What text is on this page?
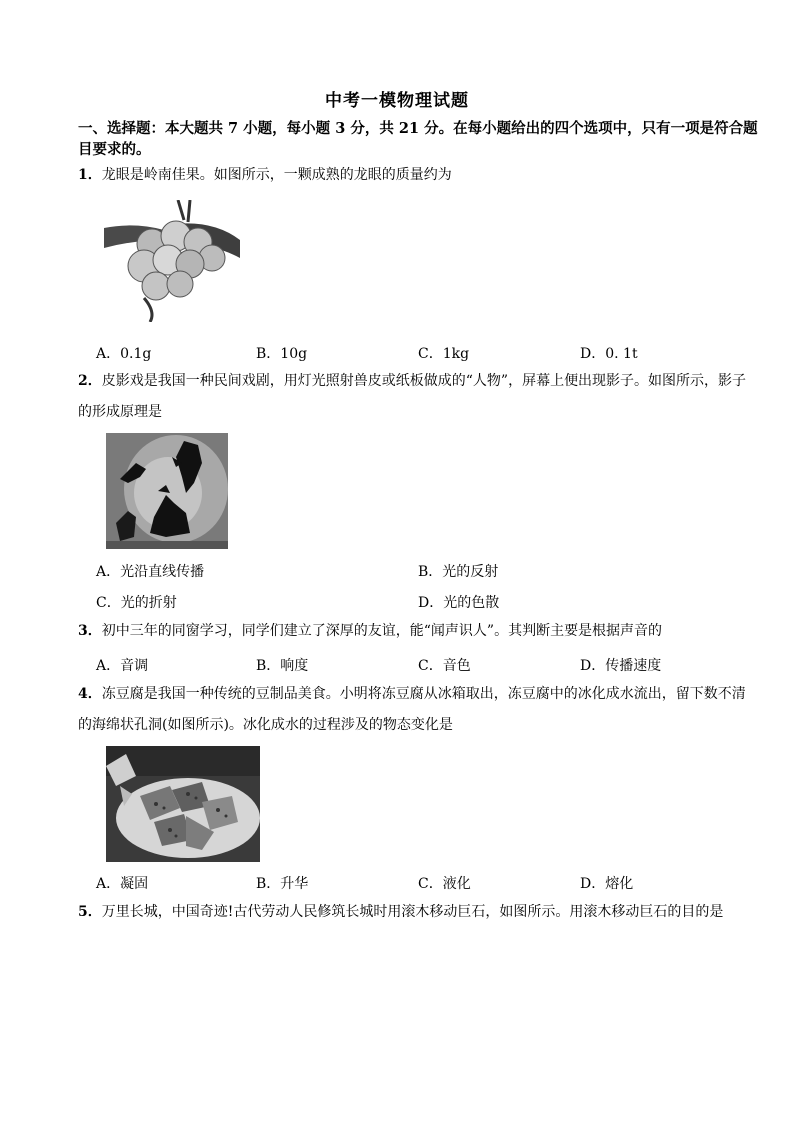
中考一模物理试题
一、选择题：本大题共 7 小题，每小题 3 分，共 21 分。在每小题给出的四个选项中，只有一项是符合题目要求的。
1．龙眼是岭南佳果。如图所示，一颗成熟的龙眼的质量约为
A．0.1g	B．10g	C．1kg	D．0. 1t
2．皮影戏是我国一种民间戏剧，用灯光照射兽皮或纸板做成的“人物”，屏幕上便出现影子。如图所示，影子的形成原理是
A．光沿直线传播	B．光的反射
C．光的折射	D．光的色散
3．初中三年的同窗学习，同学们建立了深厚的友谊，能“闻声识人”。其判断主要是根据声音的
A．音调	B．响度	C．音色	D．传播速度
4．冻豆腐是我国一种传统的豆制品美食。小明将冻豆腐从冰箱取出，冻豆腐中的冰化成水流出，留下数不清的海绵状孔洞(如图所示)。冰化成水的过程涉及的物态变化是
A．凝固	B．升华	C．液化	D．熔化
5．万里长城，中国奇迹!古代劳动人民修筑长城时用滚木移动巨石，如图所示。用滚木移动巨石的目的是
